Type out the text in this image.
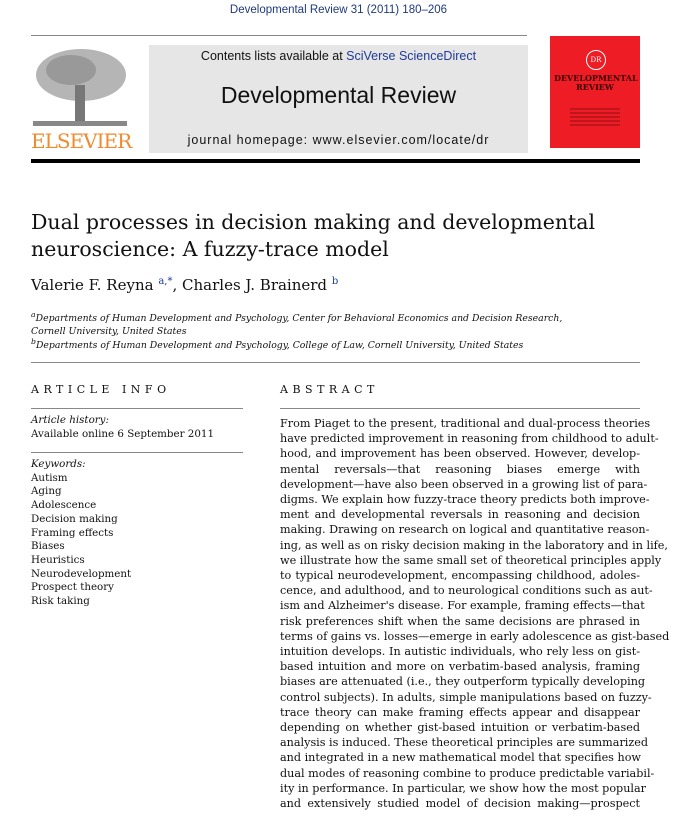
Developmental Review 31 (2011) 180–206
ELSEVIER
Contents lists available at SciVerse ScienceDirect
Developmental Review
journal homepage: www.elsevier.com/locate/dr
DR
DEVELOPMENTAL REVIEW
Dual processes in decision making and developmental
neuroscience: A fuzzy-trace model
Valerie F. Reyna $^{a,*}$, Charles J. Brainerd $^b$
$^a$Departments of Human Development and Psychology, Center for Behavioral Economics and Decision Research,
Cornell University, United States
$^b$Departments of Human Development and Psychology, College of Law, Cornell University, United States
ARTICLE INFO
Article history:
Available online 6 September 2011
Keywords:
Autism
Aging
Adolescence
Decision making
Framing effects
Biases
Heuristics
Neurodevelopment
Prospect theory
Risk taking
ABSTRACT
From Piaget to the present, traditional and dual-process theories
have predicted improvement in reasoning from childhood to adult-
hood, and improvement has been observed. However, develop-
mental reversals—that reasoning biases emerge with
development—have also been observed in a growing list of para-
digms. We explain how fuzzy-trace theory predicts both improve-
ment and developmental reversals in reasoning and decision
making. Drawing on research on logical and quantitative reason-
ing, as well as on risky decision making in the laboratory and in life,
we illustrate how the same small set of theoretical principles apply
to typical neurodevelopment, encompassing childhood, adoles-
cence, and adulthood, and to neurological conditions such as aut-
ism and Alzheimer's disease. For example, framing effects—that
risk preferences shift when the same decisions are phrased in
terms of gains vs. losses—emerge in early adolescence as gist-based
intuition develops. In autistic individuals, who rely less on gist-
based intuition and more on verbatim-based analysis, framing
biases are attenuated (i.e., they outperform typically developing
control subjects). In adults, simple manipulations based on fuzzy-
trace theory can make framing effects appear and disappear
depending on whether gist-based intuition or verbatim-based
analysis is induced. These theoretical principles are summarized
and integrated in a new mathematical model that specifies how
dual modes of reasoning combine to produce predictable variabil-
ity in performance. In particular, we show how the most popular
and extensively studied model of decision making—prospect
